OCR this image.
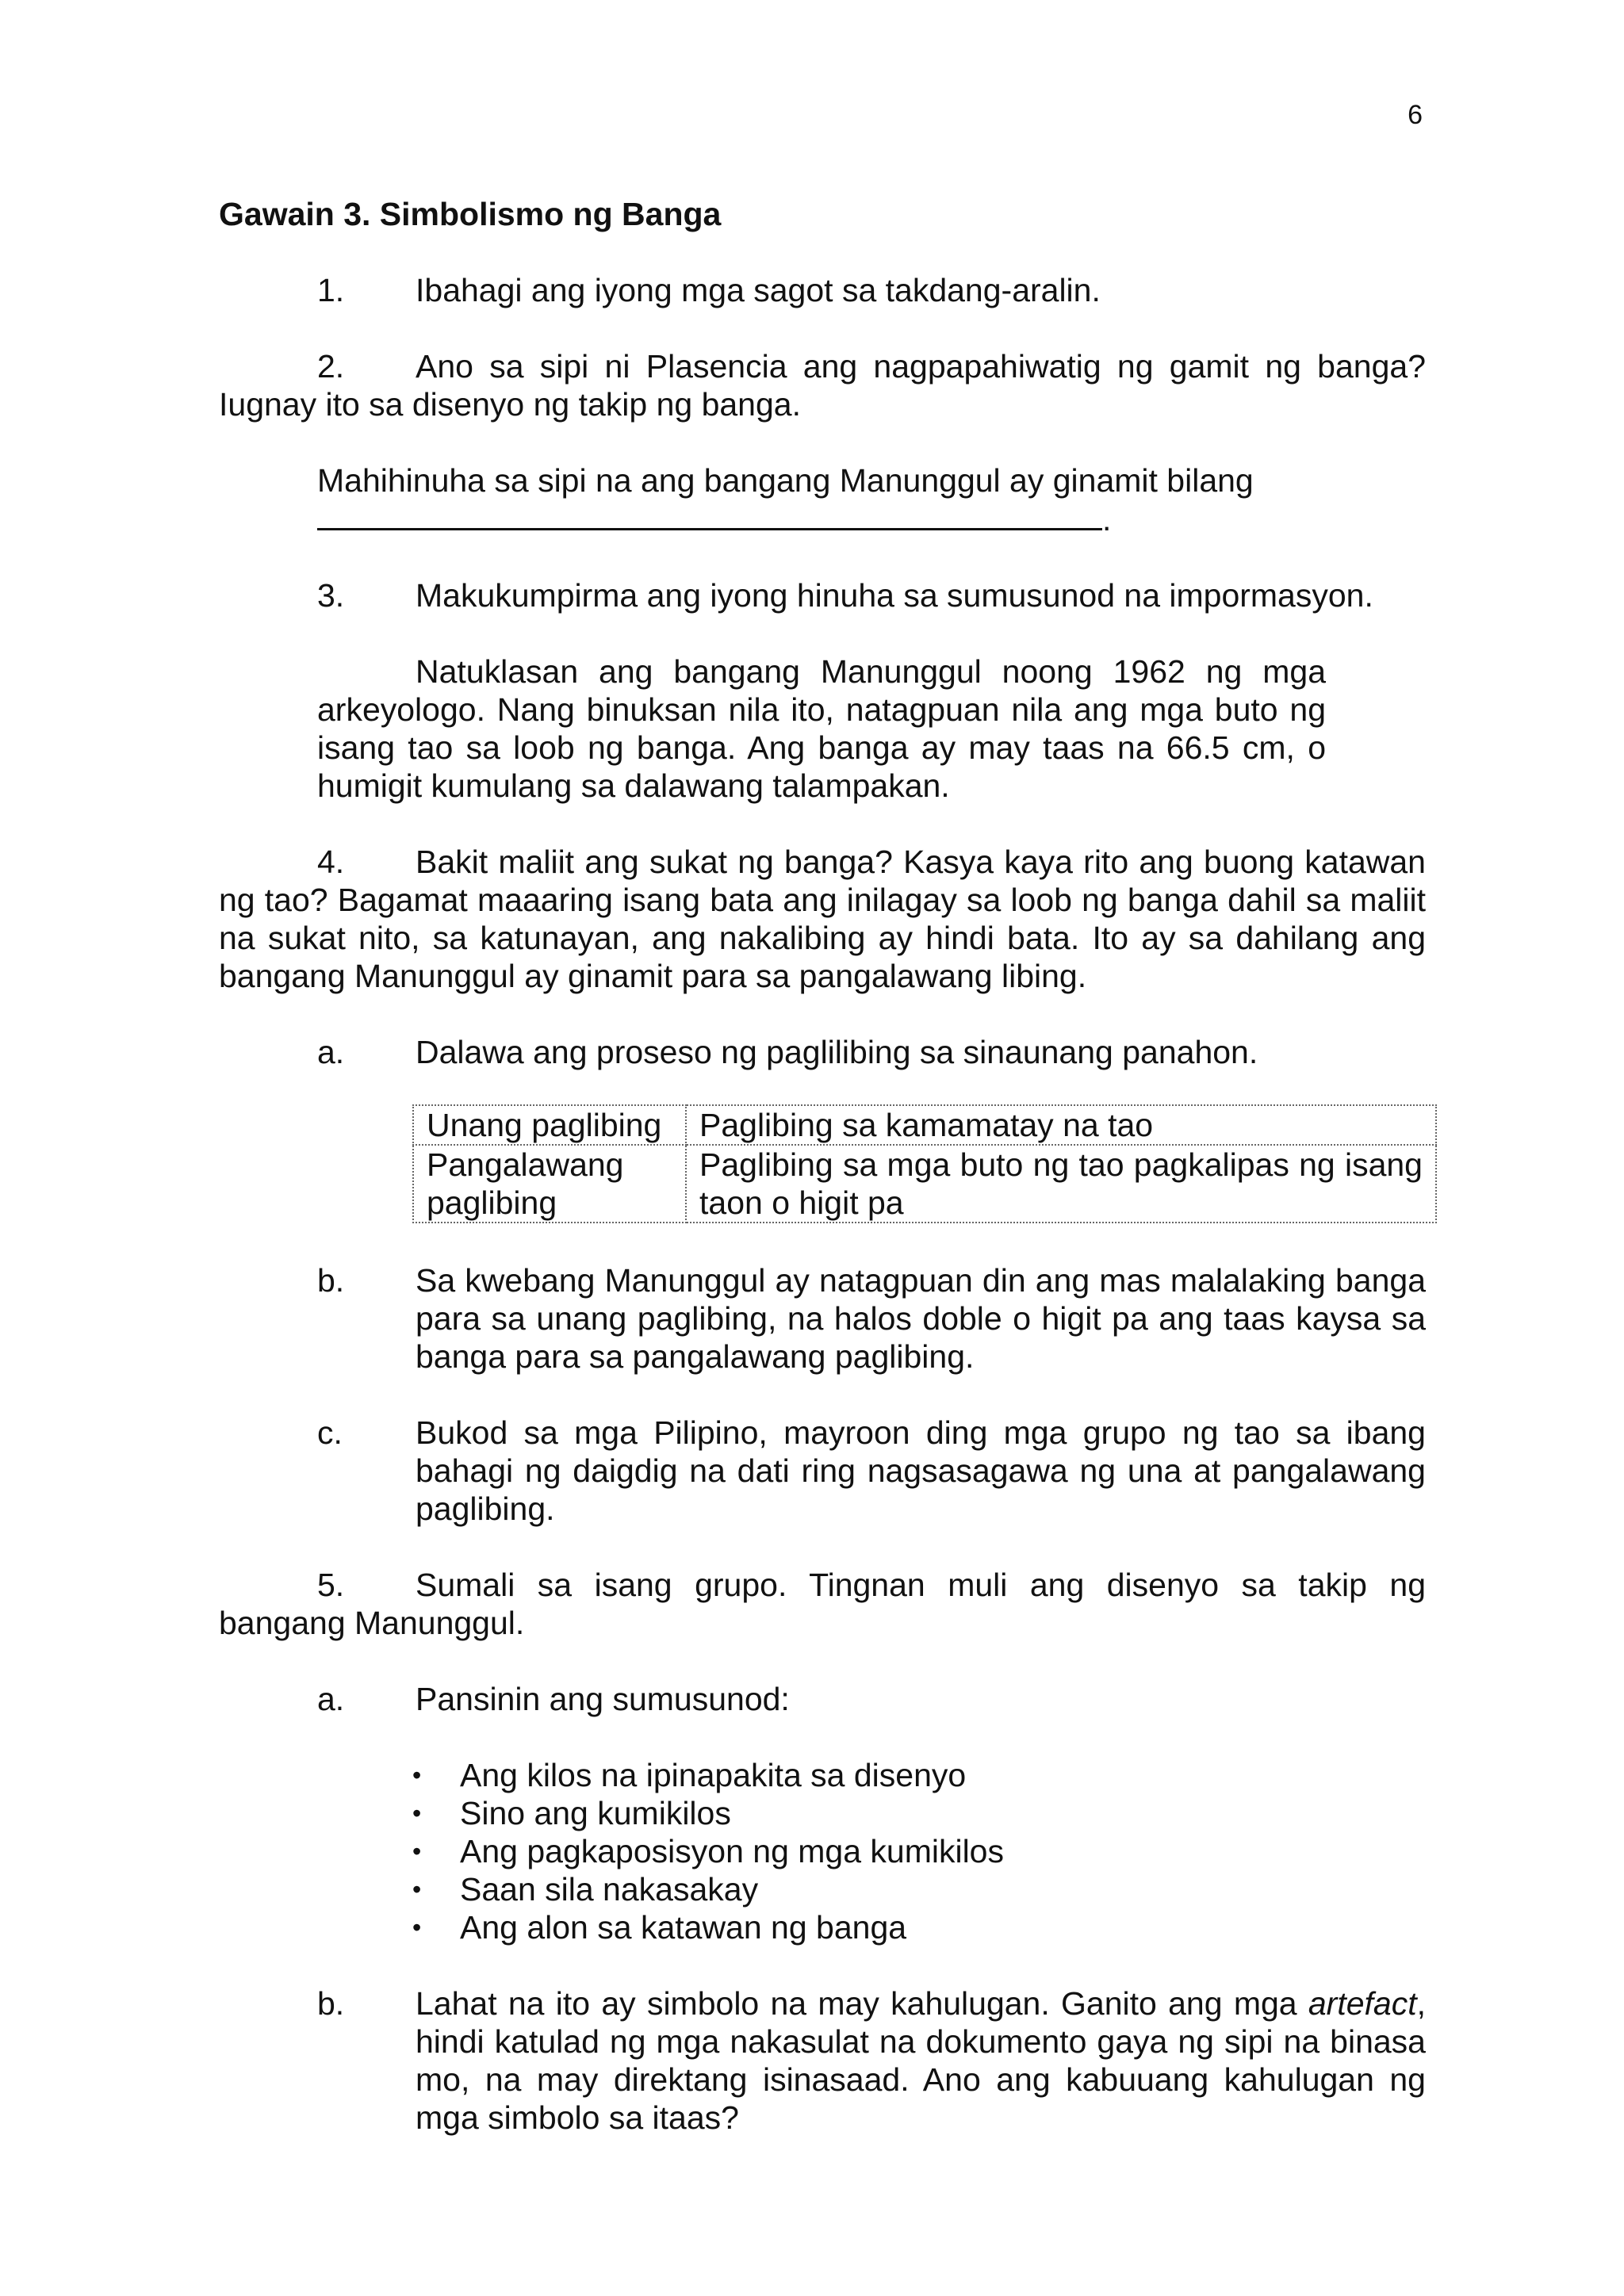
6
Gawain 3. Simbolismo ng Banga
1. Ibahagi ang iyong mga sagot sa takdang-aralin.
2. Ano sa sipi ni Plasencia ang nagpapahiwatig ng gamit ng banga? Iugnay ito sa disenyo ng takip ng banga.
Mahihinuha sa sipi na ang bangang Manunggul ay ginamit bilang
.
3. Makukumpirma ang iyong hinuha sa sumusunod na impormasyon.
Natuklasan ang bangang Manunggul noong 1962 ng mga arkeyologo. Nang binuksan nila ito, natagpuan nila ang mga buto ng isang tao sa loob ng banga. Ang banga ay may taas na 66.5 cm, o humigit kumulang sa dalawang talampakan.
4. Bakit maliit ang sukat ng banga? Kasya kaya rito ang buong katawan ng tao? Bagamat maaaring isang bata ang inilagay sa loob ng banga dahil sa maliit na sukat nito, sa katunayan, ang nakalibing ay hindi bata. Ito ay sa dahilang ang bangang Manunggul ay ginamit para sa pangalawang libing.
a.	Dalawa ang proseso ng paglilibing sa sinaunang panahon.
Unang paglibing	Paglibing sa kamamatay na tao
Pangalawang paglibing	Paglibing sa mga buto ng tao pagkalipas ng isang taon o higit pa
b.	Sa kwebang Manunggul ay natagpuan din ang mas malalaking banga para sa unang paglibing, na halos doble o higit pa ang taas kaysa sa banga para sa pangalawang paglibing.
c.	Bukod sa mga Pilipino, mayroon ding mga grupo ng tao sa ibang bahagi ng daigdig na dati ring nagsasagawa ng una at pangalawang paglibing.
5. Sumali sa isang grupo. Tingnan muli ang disenyo sa takip ng bangang Manunggul.
a.	Pansinin ang sumusunod:
•	Ang kilos na ipinapakita sa disenyo
•	Sino ang kumikilos
•	Ang pagkaposisyon ng mga kumikilos
•	Saan sila nakasakay
•	Ang alon sa katawan ng banga
b.	Lahat na ito ay simbolo na may kahulugan. Ganito ang mga artefact, hindi katulad ng mga nakasulat na dokumento gaya ng sipi na binasa mo, na may direktang isinasaad. Ano ang kabuuang kahulugan ng mga simbolo sa itaas?
